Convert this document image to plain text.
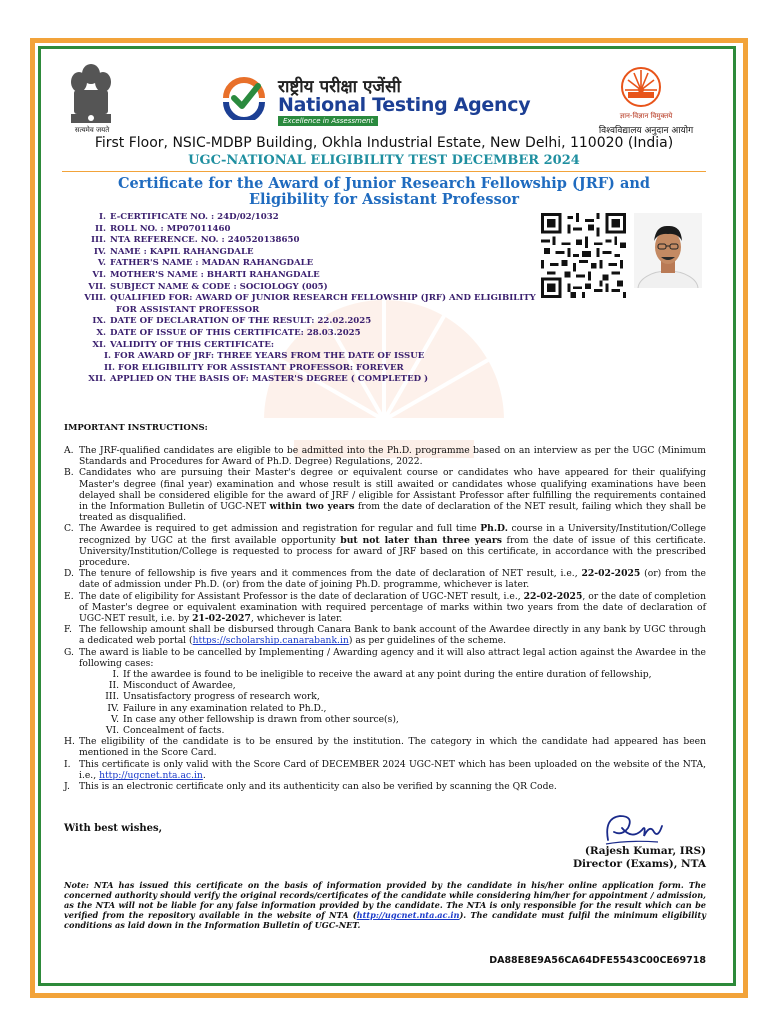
सत्यमेव जयते
राष्ट्रीय परीक्षा एजेंसी
National Testing Agency
Excellence in Assessment
ज्ञान-विज्ञान विमुक्तये
विश्वविद्यालय अनुदान आयोग
First Floor, NSIC-MDBP Building, Okhla Industrial Estate, New Delhi, 110020 (India)
UGC-NATIONAL ELIGIBILITY TEST DECEMBER 2024
Certificate for the Award of Junior Research Fellowship (JRF) and
Eligibility for Assistant Professor
I. E-CERTIFICATE NO. : 24D/02/1032
II. ROLL NO. : MP07011460
III. NTA REFERENCE. NO. : 240520138650
IV. NAME : KAPIL RAHANGDALE
V. FATHER'S NAME : MADAN RAHANGDALE
VI. MOTHER'S NAME : BHARTI RAHANGDALE
VII. SUBJECT NAME & CODE : SOCIOLOGY (005)
VIII. QUALIFIED FOR: AWARD OF JUNIOR RESEARCH FELLOWSHIP (JRF) AND ELIGIBILITY
FOR ASSISTANT PROFESSOR
IX. DATE OF DECLARATION OF THE RESULT: 22.02.2025
X. DATE OF ISSUE OF THIS CERTIFICATE: 28.03.2025
XI. VALIDITY OF THIS CERTIFICATE:
I. FOR AWARD OF JRF: THREE YEARS FROM THE DATE OF ISSUE
II. FOR ELIGIBILITY FOR ASSISTANT PROFESSOR: FOREVER
XII. APPLIED ON THE BASIS OF: MASTER'S DEGREE ( COMPLETED )
IMPORTANT INSTRUCTIONS:
A. The JRF-qualified candidates are eligible to be admitted into the Ph.D. programme based on an interview as per the UGC (Minimum Standards and Procedures for Award of Ph.D. Degree) Regulations, 2022.
B. Candidates who are pursuing their Master's degree or equivalent course or candidates who have appeared for their qualifying Master's degree (final year) examination and whose result is still awaited or candidates whose qualifying examinations have been delayed shall be considered eligible for the award of JRF / eligible for Assistant Professor after fulfilling the requirements contained in the Information Bulletin of UGC-NET within two years from the date of declaration of the NET result, failing which they shall be treated as disqualified.
C. The Awardee is required to get admission and registration for regular and full time Ph.D. course in a University/Institution/College recognized by UGC at the first available opportunity but not later than three years from the date of issue of this certificate. University/Institution/College is requested to process for award of JRF based on this certificate, in accordance with the prescribed procedure.
D. The tenure of fellowship is five years and it commences from the date of declaration of NET result, i.e., 22-02-2025 (or) from the date of admission under Ph.D. (or) from the date of joining Ph.D. programme, whichever is later.
E. The date of eligibility for Assistant Professor is the date of declaration of UGC-NET result, i.e., 22-02-2025, or the date of completion of Master's degree or equivalent examination with required percentage of marks within two years from the date of declaration of UGC-NET result, i.e. by 21-02-2027, whichever is later.
F. The fellowship amount shall be disbursed through Canara Bank to bank account of the Awardee directly in any bank by UGC through a dedicated web portal (https://scholarship.canarabank.in) as per guidelines of the scheme.
G. The award is liable to be cancelled by Implementing / Awarding agency and it will also attract legal action against the Awardee in the following cases:
I. If the awardee is found to be ineligible to receive the award at any point during the entire duration of fellowship,
II. Misconduct of Awardee,
III. Unsatisfactory progress of research work,
IV. Failure in any examination related to Ph.D.,
V. In case any other fellowship is drawn from other source(s),
VI. Concealment of facts.
H. The eligibility of the candidate is to be ensured by the institution. The category in which the candidate had appeared has been mentioned in the Score Card.
I. This certificate is only valid with the Score Card of DECEMBER 2024 UGC-NET which has been uploaded on the website of the NTA, i.e., http://ugcnet.nta.ac.in.
J. This is an electronic certificate only and its authenticity can also be verified by scanning the QR Code.
With best wishes,
(Rajesh Kumar, IRS)
Director (Exams), NTA
Note: NTA has issued this certificate on the basis of information provided by the candidate in his/her online application form. The concerned authority should verify the original records/certificates of the candidate while considering him/her for appointment / admission, as the NTA will not be liable for any false information provided by the candidate. The NTA is only responsible for the result which can be verified from the repository available in the website of NTA (http://ugcnet.nta.ac.in). The candidate must fulfil the minimum eligibility conditions as laid down in the Information Bulletin of UGC-NET.
DA88E8E9A56CA64DFE5543C00CE69718
